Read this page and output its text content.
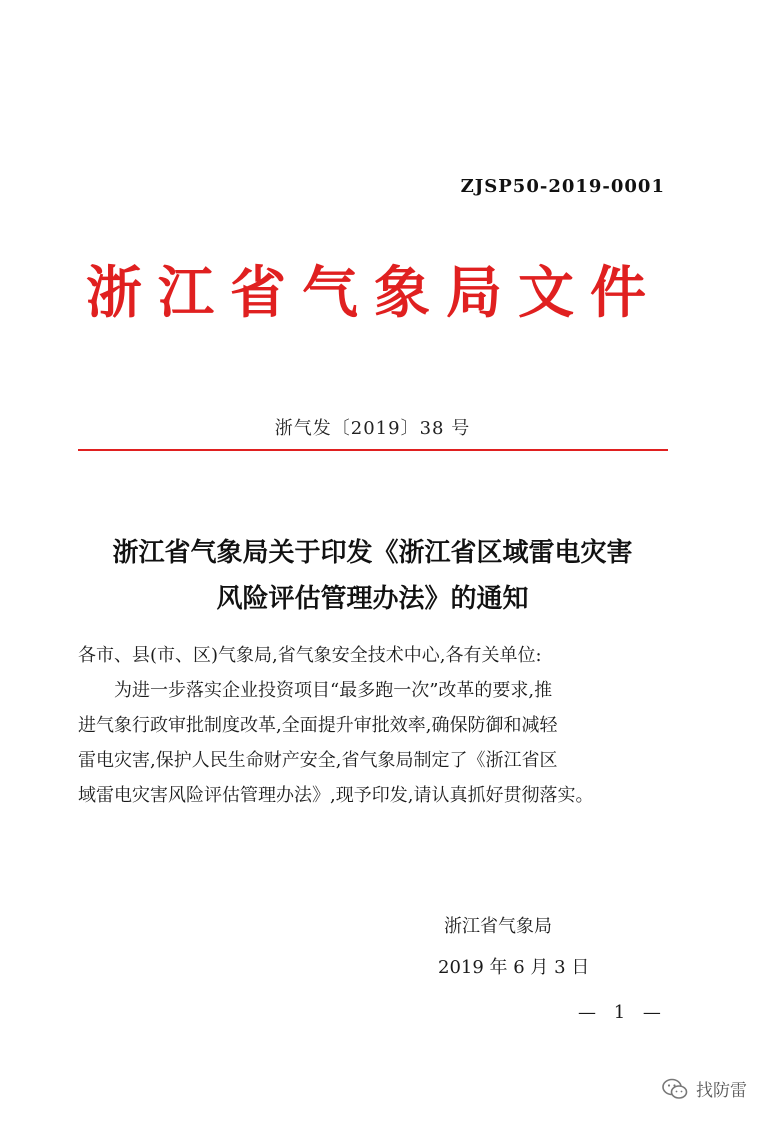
ZJSP50-2019-0001
浙 江 省 气 象 局 文 件
浙气发〔2019〕38 号
浙江省气象局关于印发《浙江省区域雷电灾害
风险评估管理办法》的通知

各市、县(市、区)气象局,省气象安全技术中心,各有关单位:

为进一步落实企业投资项目“最多跑一次”改革的要求,推

进气象行政审批制度改革,全面提升审批效率,确保防御和减轻

雷电灾害,保护人民生命财产安全,省气象局制定了《浙江省区

域雷电灾害风险评估管理办法》,现予印发,请认真抓好贯彻落实。

浙江省气象局
2019 年 6 月 3 日
— 1 —
找防雷
